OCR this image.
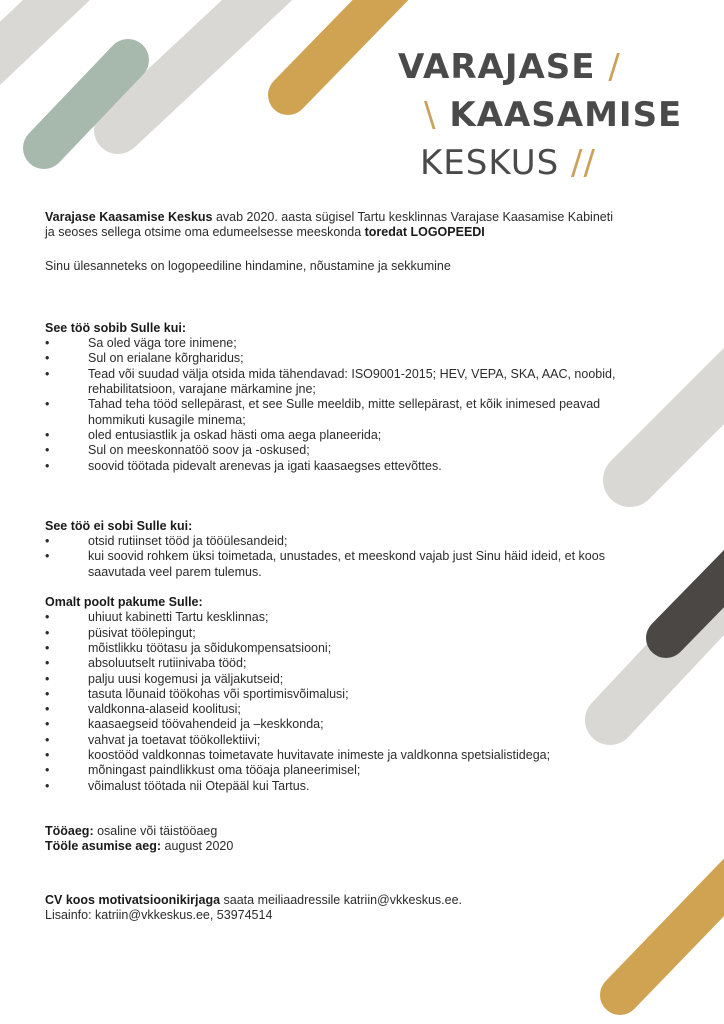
VARAJASE /
\ KAASAMISE
KESKUS //

Varajase Kaasamise Keskus avab 2020. aasta sügisel Tartu kesklinnas Varajase Kaasamise Kabineti
ja seoses sellega otsime oma edumeelsesse meeskonda toredat LOGOPEEDI

Sinu ülesanneteks on logopeediline hindamine, nõustamine ja sekkumine

See töö sobib Sulle kui:

• Sa oled väga tore inimene;
• Sul on erialane kõrgharidus;
• Tead või suudad välja otsida mida tähendavad: ISO9001-2015; HEV, VEPA, SKA, AAC, noobid, rehabilitatsioon, varajane märkamine jne;
• Tahad teha tööd sellepärast, et see Sulle meeldib, mitte sellepärast, et kõik inimesed peavad hommikuti kusagile minema;
• oled entusiastlik ja oskad hästi oma aega planeerida;
• Sul on meeskonnatöö soov ja -oskused;
• soovid töötada pidevalt arenevas ja igati kaasaegses ettevõttes.

See töö ei sobi Sulle kui:

• otsid rutiinset tööd ja tööülesandeid;
• kui soovid rohkem üksi toimetada, unustades, et meeskond vajab just Sinu häid ideid, et koos saavutada veel parem tulemus.

Omalt poolt pakume Sulle:

• uhiuut kabinetti Tartu kesklinnas;
• püsivat töölepingut;
• mõistlikku töötasu ja sõidukompensatsiooni;
• absoluutselt rutiinivaba tööd;
• palju uusi kogemusi ja väljakutseid;
• tasuta lõunaid töökohas või sportimisvõimalusi;
• valdkonna-alaseid koolitusi;
• kaasaegseid töövahendeid ja –keskkonda;
• vahvat ja toetavat töökollektiivi;
• koostööd valdkonnas toimetavate huvitavate inimeste ja valdkonna spetsialistidega;
• mõningast paindlikkust oma tööaja planeerimisel;
• võimalust töötada nii Otepääl kui Tartus.

Tööaeg: osaline või täistööaeg

Tööle asumise aeg: august 2020

CV koos motivatsioonikirjaga saata meiliaadressile katriin@vkkeskus.ee.

Lisainfo: katriin@vkkeskus.ee, 53974514
